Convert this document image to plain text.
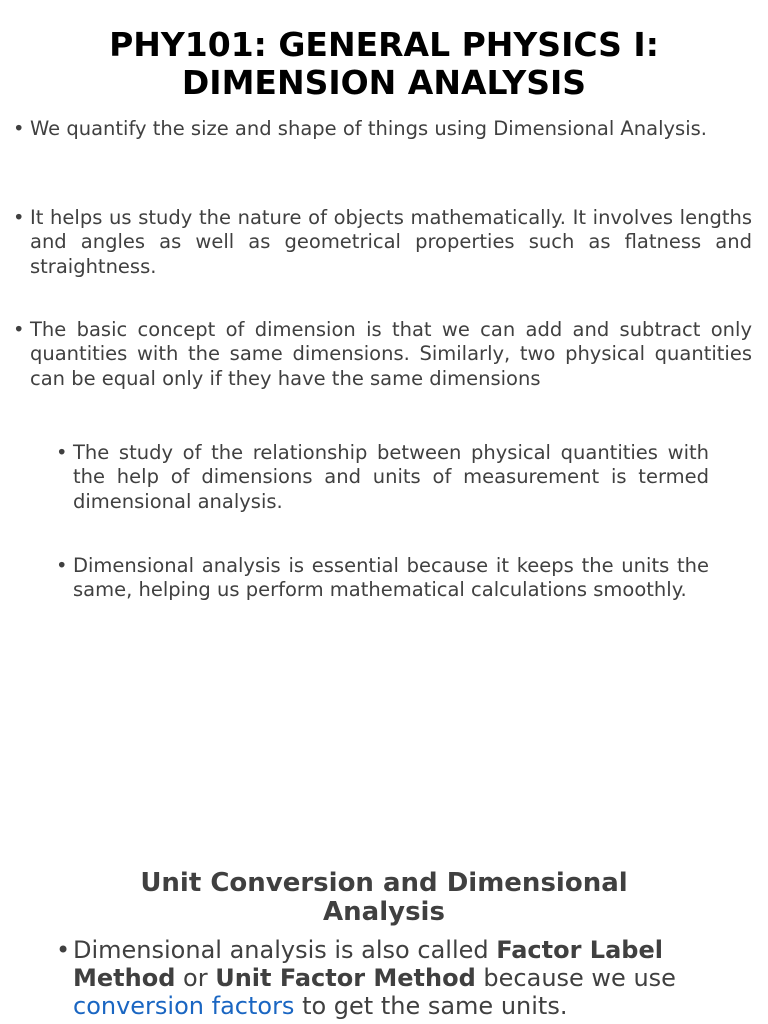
PHY101: GENERAL PHYSICS I:
DIMENSION ANALYSIS
• We quantify the size and shape of things using Dimensional Analysis.
• It helps us study the nature of objects mathematically. It involves lengths and angles as well as geometrical properties such as flatness and straightness.
• The basic concept of dimension is that we can add and subtract only quantities with the same dimensions. Similarly, two physical quantities can be equal only if they have the same dimensions
• The study of the relationship between physical quantities with the help of dimensions and units of measurement is termed dimensional analysis.
• Dimensional analysis is essential because it keeps the units the same, helping us perform mathematical calculations smoothly.
Unit Conversion and Dimensional
Analysis
• Dimensional analysis is also called Factor Label Method or Unit Factor Method because we use conversion factors to get the same units.
